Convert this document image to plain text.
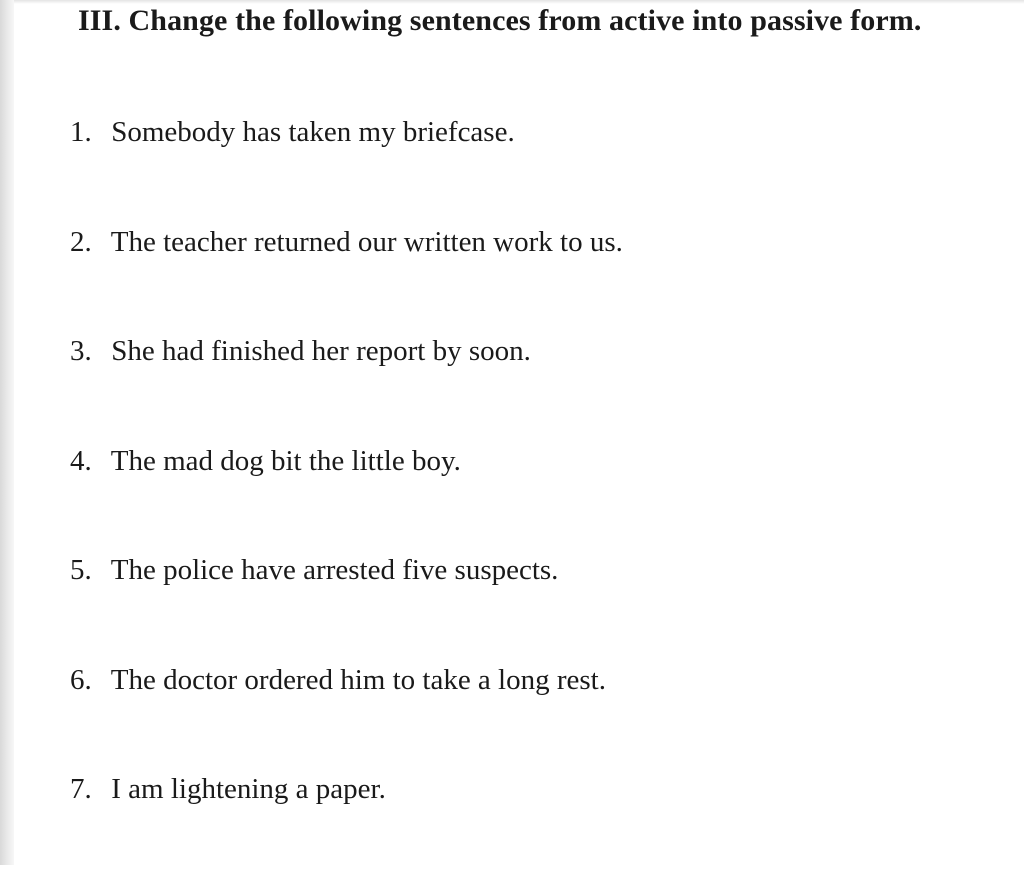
III. Change the following sentences from active into passive form.
1. Somebody has taken my briefcase.
2. The teacher returned our written work to us.
3. She had finished her report by soon.
4. The mad dog bit the little boy.
5. The police have arrested five suspects.
6. The doctor ordered him to take a long rest.
7. I am lightening a paper.
